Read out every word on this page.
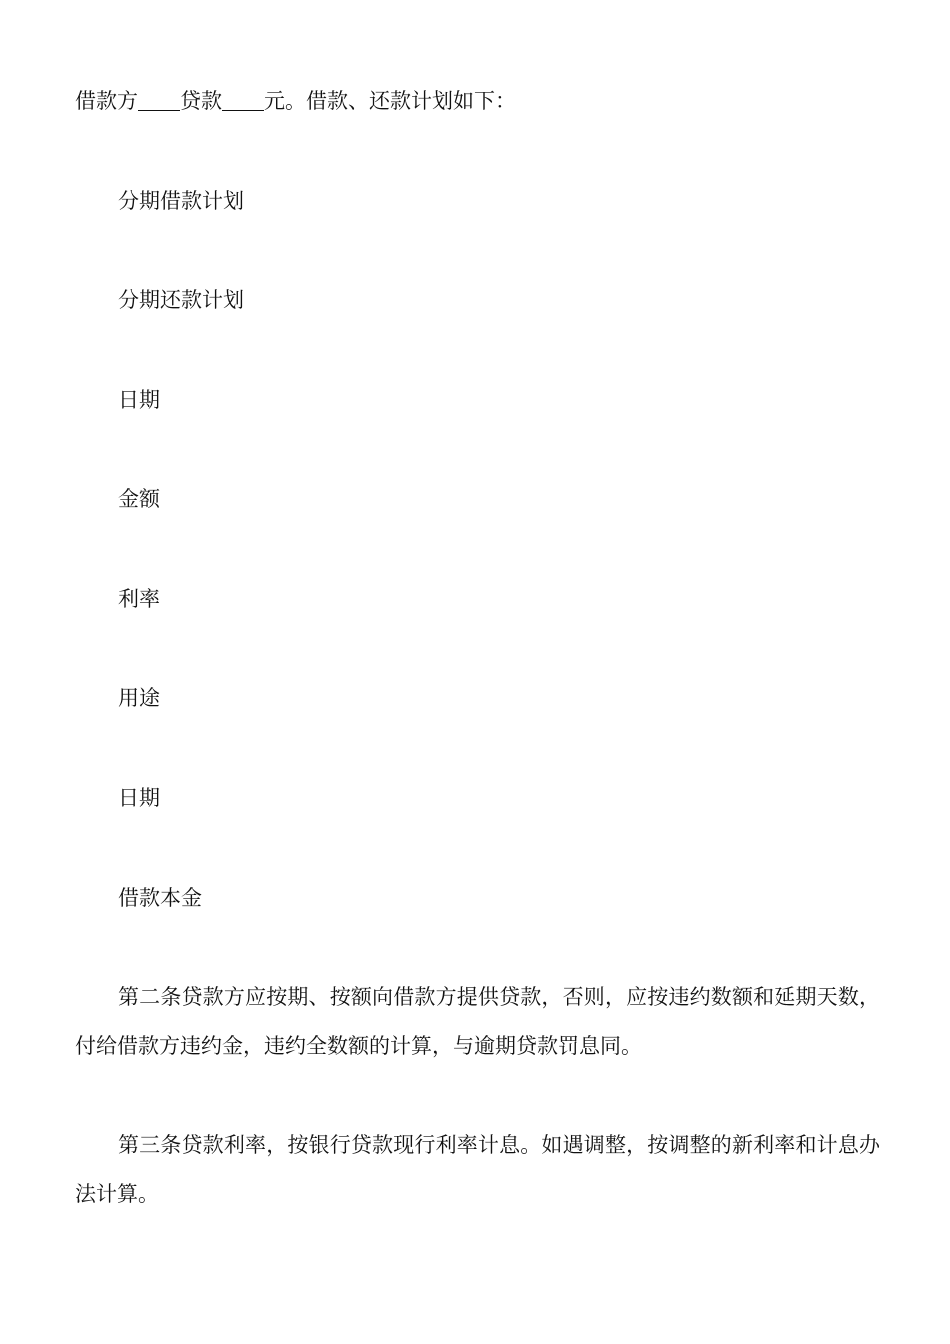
借款方 贷款 元。借款、还款计划如下：
分期借款计划
分期还款计划
日期
金额
利率
用途
日期
借款本金
第二条贷款方应按期、按额向借款方提供贷款，否则，应按违约数额和延期天数，付给借款方违约金，违约全数额的计算，与逾期贷款罚息同。
第三条贷款利率，按银行贷款现行利率计息。如遇调整，按调整的新利率和计息办法计算。
